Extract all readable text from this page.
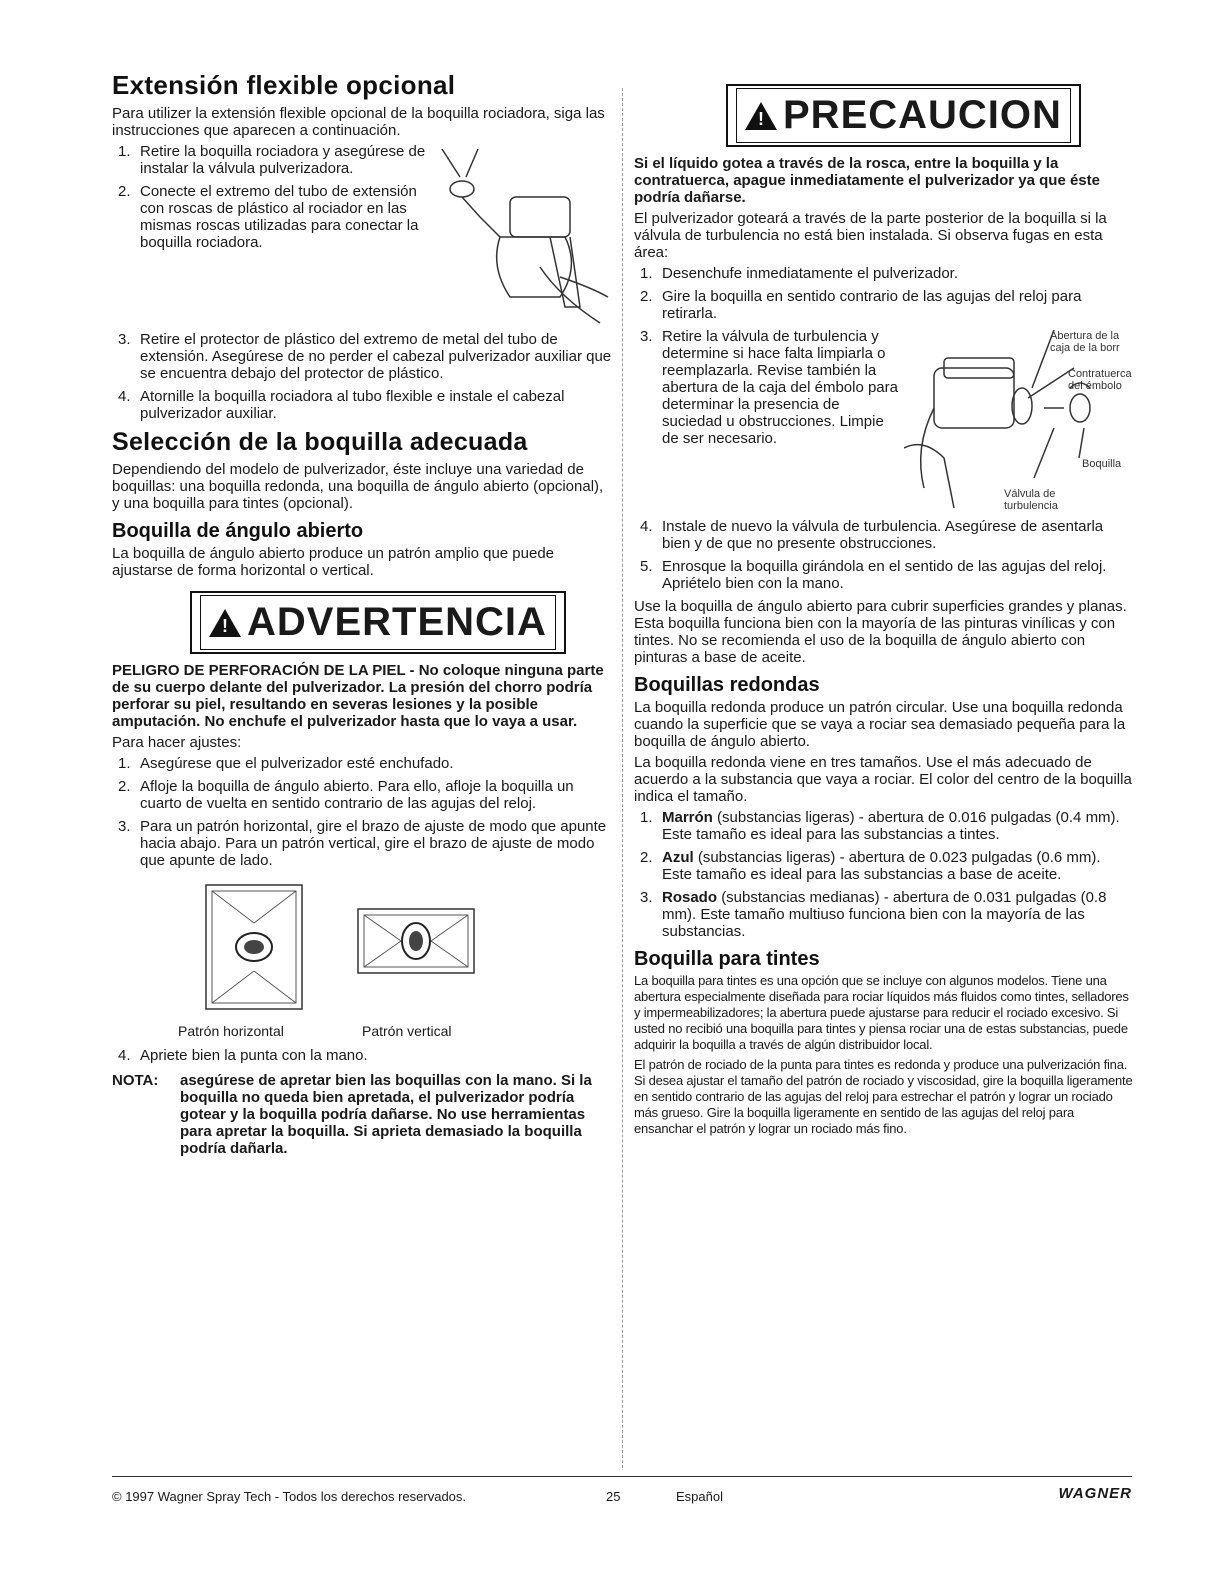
Extensión flexible opcional

Para utilizer la extensión flexible opcional de la boquilla rociadora, siga las instrucciones que aparecen a continuación.

1. Retire la boquilla rociadora y asegúrese de instalar la válvula pulverizadora.
2. Conecte el extremo del tubo de extensión con roscas de plástico al rociador en las mismas roscas utilizadas para conectar la boquilla rociadora.
3. Retire el protector de plástico del extremo de metal del tubo de extensión. Asegúrese de no perder el cabezal pulverizador auxiliar que se encuentra debajo del protector de plástico.
4. Atornille la boquilla rociadora al tubo flexible e instale el cabezal pulverizador auxiliar.
Selección de la boquilla adecuada

Dependiendo del modelo de pulverizador, éste incluye una variedad de boquillas: una boquilla redonda, una boquilla de ángulo abierto (opcional), y una boquilla para tintes (opcional).

Boquilla de ángulo abierto

La boquilla de ángulo abierto produce un patrón amplio que puede ajustarse de forma horizontal o vertical.

!
ADVERTENCIA

PELIGRO DE PERFORACIÓN DE LA PIEL - No coloque ninguna parte de su cuerpo delante del pulverizador. La presión del chorro podría perforar su piel, resultando en severas lesiones y la posible amputación. No enchufe el pulverizador hasta que lo vaya a usar.

Para hacer ajustes:

1. Asegúrese que el pulverizador esté enchufado.
2. Afloje la boquilla de ángulo abierto. Para ello, afloje la boquilla un cuarto de vuelta en sentido contrario de las agujas del reloj.
3. Para un patrón horizontal, gire el brazo de ajuste de modo que apunte hacia abajo. Para un patrón vertical, gire el brazo de ajuste de modo que apunte de lado.
Patrón horizontal	Patrón vertical
4. Apriete bien la punta con la mano.
NOTA:	asegúrese de apretar bien las boquillas con la mano. Si la boquilla no queda bien apretada, el pulverizador podría gotear y la boquilla podría dañarse. No use herramientas para apretar la boquilla. Si aprieta demasiado la boquilla podría dañarla.
!
PRECAUCION

Si el líquido gotea a través de la rosca, entre la boquilla y la contratuerca, apague inmediatamente el pulverizador ya que éste podría dañarse.

El pulverizador goteará a través de la parte posterior de la boquilla si la válvula de turbulencia no está bien instalada. Si observa fugas en esta área:

1. Desenchufe inmediatamente el pulverizador.
2. Gire la boquilla en sentido contrario de las agujas del reloj para retirarla.
Abertura de la caja de la borr
Contratuerca del émbolo
Boquilla
Válvula de turbulencia
3. Retire la válvula de turbulencia y determine si hace falta limpiarla o reemplazarla. Revise también la abertura de la caja del émbolo para determinar la presencia de suciedad u obstrucciones. Limpie de ser necesario.
4. Instale de nuevo la válvula de turbulencia. Asegúrese de asentarla bien y de que no presente obstrucciones.
5. Enrosque la boquilla girándola en el sentido de las agujas del reloj. Apriételo bien con la mano.

Use la boquilla de ángulo abierto para cubrir superficies grandes y planas. Esta boquilla funciona bien con la mayoría de las pinturas vinílicas y con tintes. No se recomienda el uso de la boquilla de ángulo abierto con pinturas a base de aceite.

Boquillas redondas

La boquilla redonda produce un patrón circular. Use una boquilla redonda cuando la superficie que se vaya a rociar sea demasiado pequeña para la boquilla de ángulo abierto.

La boquilla redonda viene en tres tamaños. Use el más adecuado de acuerdo a la substancia que vaya a rociar. El color del centro de la boquilla indica el tamaño.

1. Marrón (substancias ligeras) - abertura de 0.016 pulgadas (0.4 mm). Este tamaño es ideal para las substancias a tintes.
2. Azul (substancias ligeras) - abertura de 0.023 pulgadas (0.6 mm). Este tamaño es ideal para las substancias a base de aceite.
3. Rosado (substancias medianas) - abertura de 0.031 pulgadas (0.8 mm). Este tamaño multiuso funciona bien con la mayoría de las substancias.
Boquilla para tintes

La boquilla para tintes es una opción que se incluye con algunos modelos. Tiene una abertura especialmente diseñada para rociar líquidos más fluidos como tintes, selladores y impermeabilizadores; la abertura puede ajustarse para reducir el rociado excesivo. Si usted no recibió una boquilla para tintes y piensa rociar una de estas substancias, puede adquirir la boquilla a través de algún distribuidor local.

El patrón de rociado de la punta para tintes es redonda y produce una pulverización fina. Si desea ajustar el tamaño del patrón de rociado y viscosidad, gire la boquilla ligeramente en sentido contrario de las agujas del reloj para estrechar el patrón y lograr un rociado más grueso. Gire la boquilla ligeramente en sentido de las agujas del reloj para ensanchar el patrón y lograr un rociado más fino.

© 1997 Wagner Spray Tech - Todos los derechos reservados.	25	Español	WAGNER
